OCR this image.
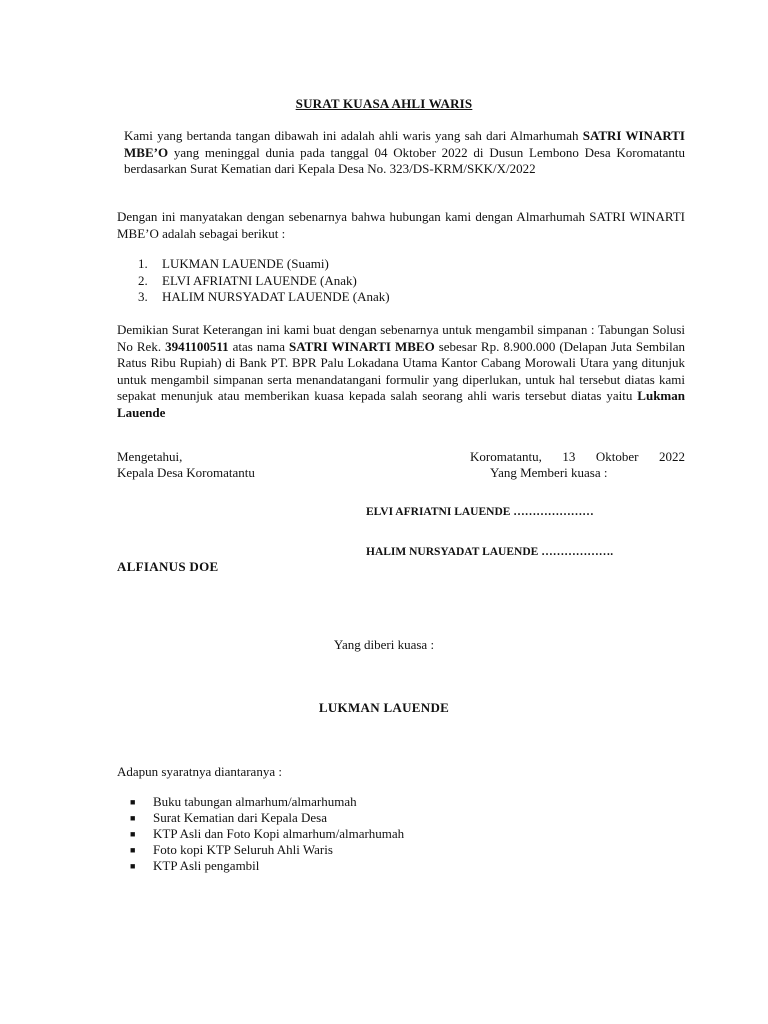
SURAT KUASA AHLI WARIS
Kami yang bertanda tangan dibawah ini adalah ahli waris yang sah dari Almarhumah SATRI WINARTI MBE’O yang meninggal dunia pada tanggal 04 Oktober 2022 di Dusun Lembono Desa Koromatantu berdasarkan Surat Kematian dari Kepala Desa No. 323/DS-KRM/SKK/X/2022
Dengan ini manyatakan dengan sebenarnya bahwa hubungan kami dengan Almarhumah SATRI WINARTI MBE’O adalah sebagai berikut :
1. LUKMAN LAUENDE (Suami)
2. ELVI AFRIATNI LAUENDE (Anak)
3. HALIM NURSYADAT LAUENDE (Anak)
Demikian Surat Keterangan ini kami buat dengan sebenarnya untuk mengambil simpanan : Tabungan Solusi No Rek. 3941100511 atas nama SATRI WINARTI MBEO sebesar Rp. 8.900.000 (Delapan Juta Sembilan Ratus Ribu Rupiah) di Bank PT. BPR Palu Lokadana Utama Kantor Cabang Morowali Utara yang ditunjuk untuk mengambil simpanan serta menandatangani formulir yang diperlukan, untuk hal tersebut diatas kami sepakat menunjuk atau memberikan kuasa kepada salah seorang ahli waris tersebut diatas yaitu Lukman Lauende
Mengetahui,
Kepala Desa Koromatantu
Koromatantu, 13 Oktober 2022
Yang Memberi kuasa :
ELVI AFRIATNI LAUENDE …………………
HALIM NURSYADAT LAUENDE ……………….
ALFIANUS DOE
Yang diberi kuasa :
LUKMAN LAUENDE
Adapun syaratnya diantaranya :
■ Buku tabungan almarhum/almarhumah
■ Surat Kematian dari Kepala Desa
■ KTP Asli dan Foto Kopi almarhum/almarhumah
■ Foto kopi KTP Seluruh Ahli Waris
■ KTP Asli pengambil
